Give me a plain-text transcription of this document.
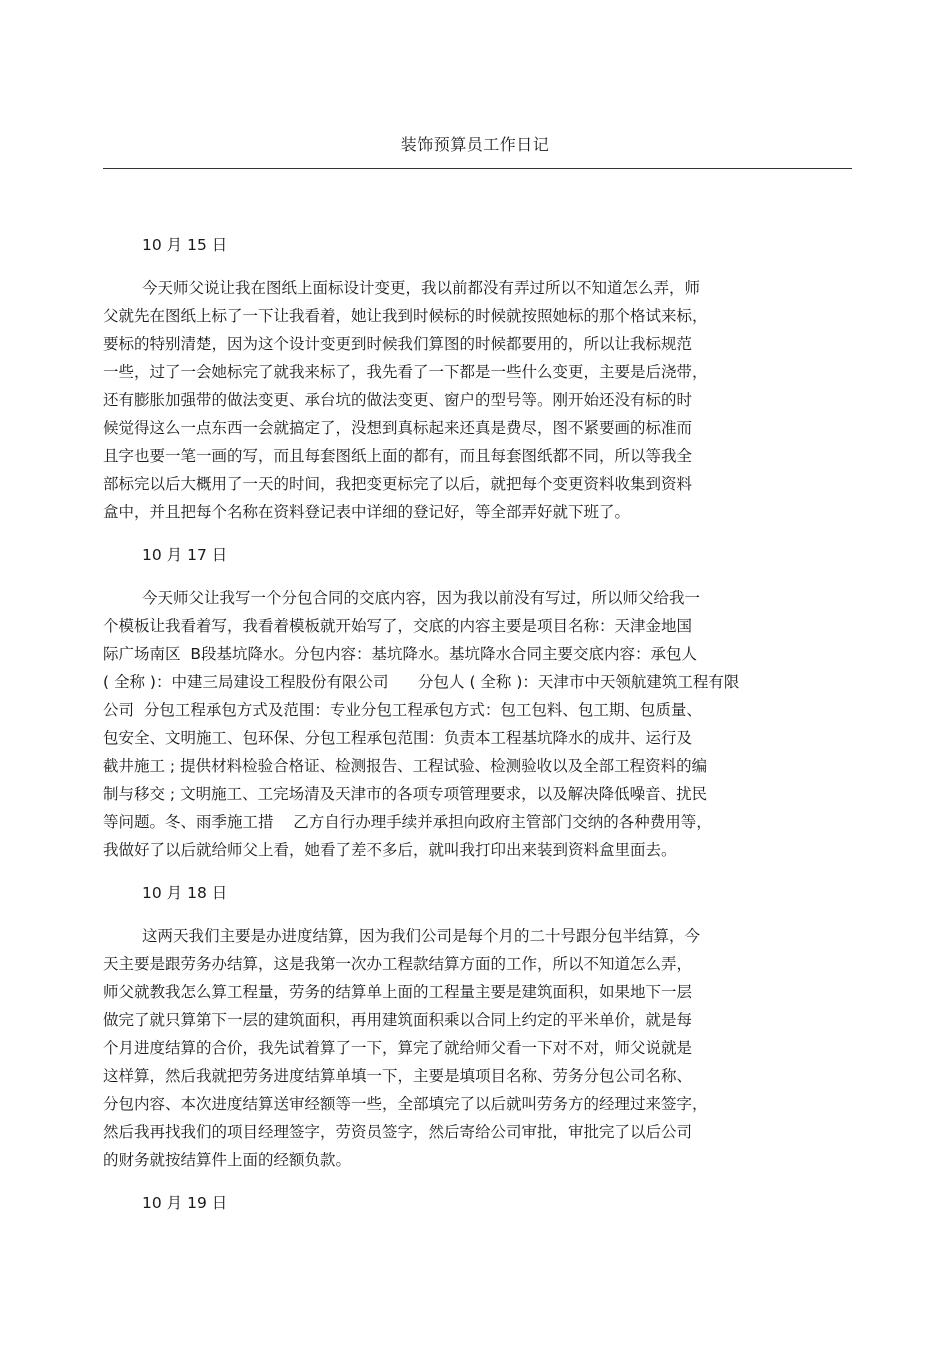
装饰预算员工作日记
10 月 15 日
今天师父说让我在图纸上面标设计变更，我以前都没有弄过所以不知道怎么弄，师
父就先在图纸上标了一下让我看着，她让我到时候标的时候就按照她标的那个格试来标，
要标的特别清楚，因为这个设计变更到时候我们算图的时候都要用的，所以让我标规范
一些，过了一会她标完了就我来标了，我先看了一下都是一些什么变更，主要是后浇带，
还有膨胀加强带的做法变更、承台坑的做法变更、窗户的型号等。刚开始还没有标的时
候觉得这么一点东西一会就搞定了，没想到真标起来还真是费尽，图不紧要画的标准而
且字也要一笔一画的写，而且每套图纸上面的都有，而且每套图纸都不同，所以等我全
部标完以后大概用了一天的时间，我把变更标完了以后，就把每个变更资料收集到资料
盒中，并且把每个名称在资料登记表中详细的登记好，等全部弄好就下班了。
10 月 17 日
今天师父让我写一个分包合同的交底内容，因为我以前没有写过，所以师父给我一
个模板让我看着写，我看着模板就开始写了，交底的内容主要是项目名称：天津金地国
际广场南区  B段基坑降水。分包内容：基坑降水。基坑降水合同主要交底内容：承包人
( 全称 )：中建三局建设工程股份有限公司      分包人 ( 全称 )：天津市中天领航建筑工程有限
公司  分包工程承包方式及范围：专业分包工程承包方式：包工包料、包工期、包质量、
包安全、文明施工、包环保、分包工程承包范围：负责本工程基坑降水的成井、运行及
截井施工 ; 提供材料检验合格证、检测报告、工程试验、检测验收以及全部工程资料的编
制与移交 ; 文明施工、工完场清及天津市的各项专项管理要求，以及解决降低噪音、扰民
等问题。冬、雨季施工措    乙方自行办理手续并承担向政府主管部门交纳的各种费用等，
我做好了以后就给师父上看，她看了差不多后，就叫我打印出来装到资料盒里面去。
10 月 18 日
这两天我们主要是办进度结算，因为我们公司是每个月的二十号跟分包半结算，今
天主要是跟劳务办结算，这是我第一次办工程款结算方面的工作，所以不知道怎么弄，
师父就教我怎么算工程量，劳务的结算单上面的工程量主要是建筑面积，如果地下一层
做完了就只算第下一层的建筑面积，再用建筑面积乘以合同上约定的平米单价，就是每
个月进度结算的合价，我先试着算了一下，算完了就给师父看一下对不对，师父说就是
这样算，然后我就把劳务进度结算单填一下，主要是填项目名称、劳务分包公司名称、
分包内容、本次进度结算送审经额等一些，全部填完了以后就叫劳务方的经理过来签字，
然后我再找我们的项目经理签字，劳资员签字，然后寄给公司审批，审批完了以后公司
的财务就按结算件上面的经额负款。
10 月 19 日
